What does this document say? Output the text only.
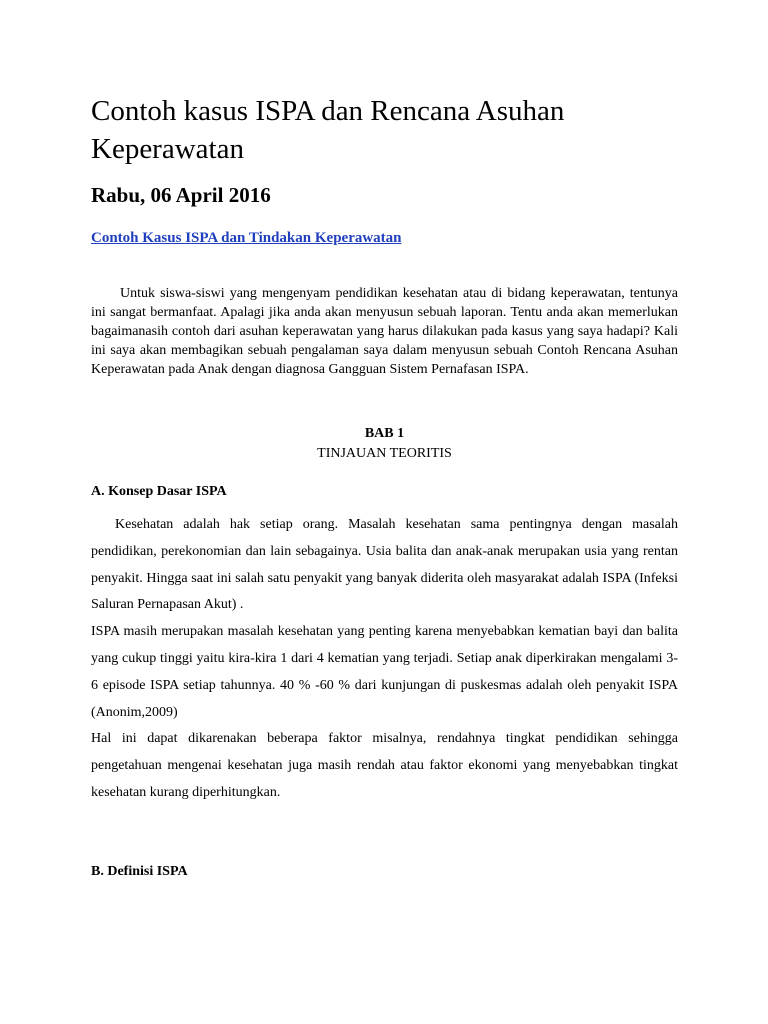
Contoh kasus ISPA dan Rencana Asuhan Keperawatan
Rabu, 06 April 2016
Contoh Kasus ISPA dan Tindakan Keperawatan

Untuk siswa-siswi yang mengenyam pendidikan kesehatan atau di bidang keperawatan, tentunya ini sangat bermanfaat. Apalagi jika anda akan menyusun sebuah laporan. Tentu anda akan memerlukan bagaimanasih contoh dari asuhan keperawatan yang harus dilakukan pada kasus yang saya hadapi? Kali ini saya akan membagikan sebuah pengalaman saya dalam menyusun sebuah Contoh Rencana Asuhan Keperawatan pada Anak dengan diagnosa Gangguan Sistem Pernafasan ISPA.

BAB 1
TINJAUAN TEORITIS
A. Konsep Dasar ISPA

Kesehatan adalah hak setiap orang. Masalah kesehatan sama pentingnya dengan masalah pendidikan, perekonomian dan lain sebagainya. Usia balita dan anak-anak merupakan usia yang rentan penyakit. Hingga saat ini salah satu penyakit yang banyak diderita oleh masyarakat adalah ISPA (Infeksi Saluran Pernapasan Akut) .

ISPA masih merupakan masalah kesehatan yang penting karena menyebabkan kematian bayi dan balita yang cukup tinggi yaitu kira-kira 1 dari 4 kematian yang terjadi. Setiap anak diperkirakan mengalami 3-6 episode ISPA setiap tahunnya. 40 % -60 % dari kunjungan di puskesmas adalah oleh penyakit ISPA (Anonim,2009)

Hal ini dapat dikarenakan beberapa faktor misalnya, rendahnya tingkat pendidikan sehingga pengetahuan mengenai kesehatan juga masih rendah atau faktor ekonomi yang menyebabkan tingkat kesehatan kurang diperhitungkan.

B. Definisi ISPA
